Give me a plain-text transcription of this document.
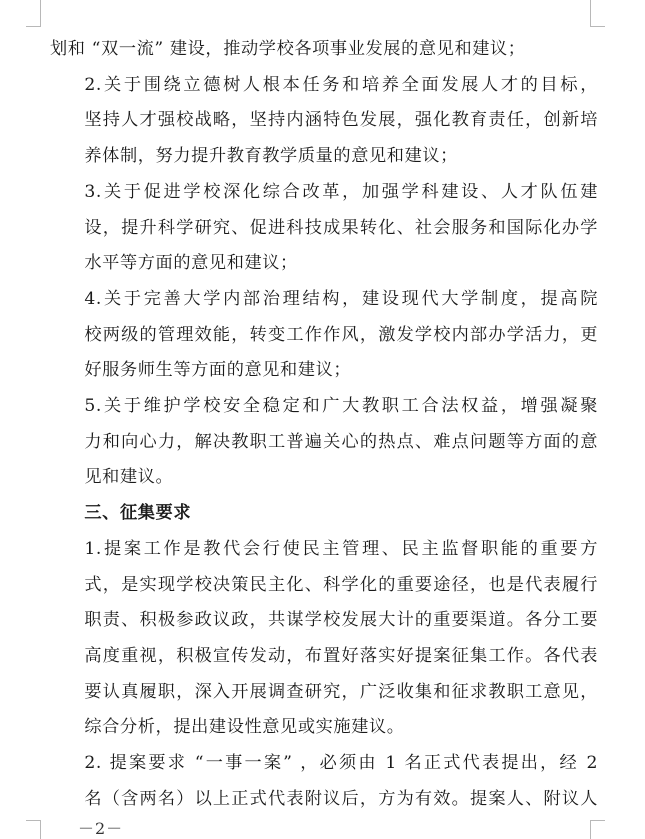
划和 “双一流” 建设，推动学校各项事业发展的意见和建议；

2.关于围绕立德树人根本任务和培养全面发展人才的目标，
坚持人才强校战略，坚持内涵特色发展，强化教育责任，创新培
养体制，努力提升教育教学质量的意见和建议；

3.关于促进学校深化综合改革，加强学科建设、人才队伍建
设，提升科学研究、促进科技成果转化、社会服务和国际化办学
水平等方面的意见和建议；

4.关于完善大学内部治理结构，建设现代大学制度，提高院
校两级的管理效能，转变工作作风，激发学校内部办学活力，更
好服务师生等方面的意见和建议；

5.关于维护学校安全稳定和广大教职工合法权益，增强凝聚
力和向心力，解决教职工普遍关心的热点、难点问题等方面的意
见和建议。

三、征集要求

1.提案工作是教代会行使民主管理、民主监督职能的重要方
式，是实现学校决策民主化、科学化的重要途径，也是代表履行
职责、积极参政议政，共谋学校发展大计的重要渠道。各分工要
高度重视，积极宣传发动，布置好落实好提案征集工作。各代表
要认真履职，深入开展调查研究，广泛收集和征求教职工意见，
综合分析，提出建设性意见或实施建议。

2. 提案要求 “一事一案” ，必须由 1 名正式代表提出，经 2
名（含两名）以上正式代表附议后，方为有效。提案人、附议人

－2－
